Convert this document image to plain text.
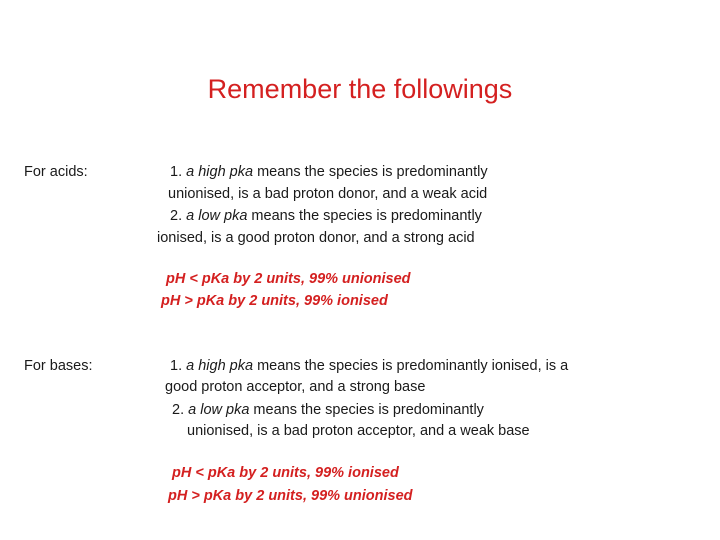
Remember the followings
For acids:	1. a high pka means the species is predominantly
unionised, is a bad proton donor, and a weak acid
2. a low pka means the species is predominantly
ionised, is a good proton donor, and a strong acid
pH < pKa by 2 units, 99% unionised
pH > pKa by 2 units, 99% ionised
For bases:	1. a high pka means the species is predominantly ionised, is a
good proton acceptor, and a strong base
2. a low pka means the species is predominantly
unionised, is a bad proton acceptor, and a weak base
pH < pKa by 2 units, 99% ionised
pH > pKa by 2 units, 99% unionised
